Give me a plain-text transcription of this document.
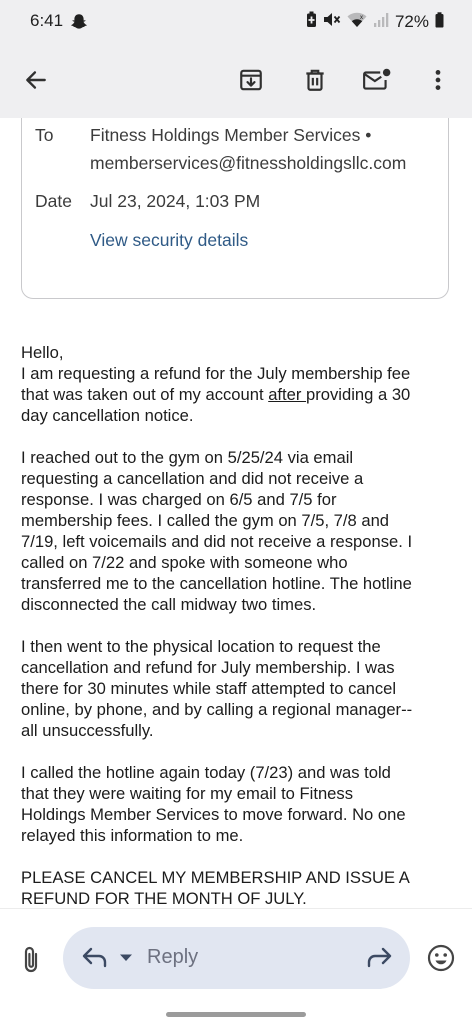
6:41	x 72%
To Fitness Holdings Member Services •
memberservices@fitnessholdingsllc.com
Date Jul 23, 2024, 1:03 PM
View security details

Hello,
I am requesting a refund for the July membership fee
that was taken out of my account after providing a 30
day cancellation notice.

I reached out to the gym on 5/25/24 via email
requesting a cancellation and did not receive a
response. I was charged on 6/5 and 7/5 for
membership fees. I called the gym on 7/5, 7/8 and
7/19, left voicemails and did not receive a response. I
called on 7/22 and spoke with someone who
transferred me to the cancellation hotline. The hotline
disconnected the call midway two times.

I then went to the physical location to request the
cancellation and refund for July membership. I was
there for 30 minutes while staff attempted to cancel
online, by phone, and by calling a regional manager--
all unsuccessfully.

I called the hotline again today (7/23) and was told
that they were waiting for my email to Fitness
Holdings Member Services to move forward. No one
relayed this information to me.

PLEASE CANCEL MY MEMBERSHIP AND ISSUE A
REFUND FOR THE MONTH OF JULY.

Reply
